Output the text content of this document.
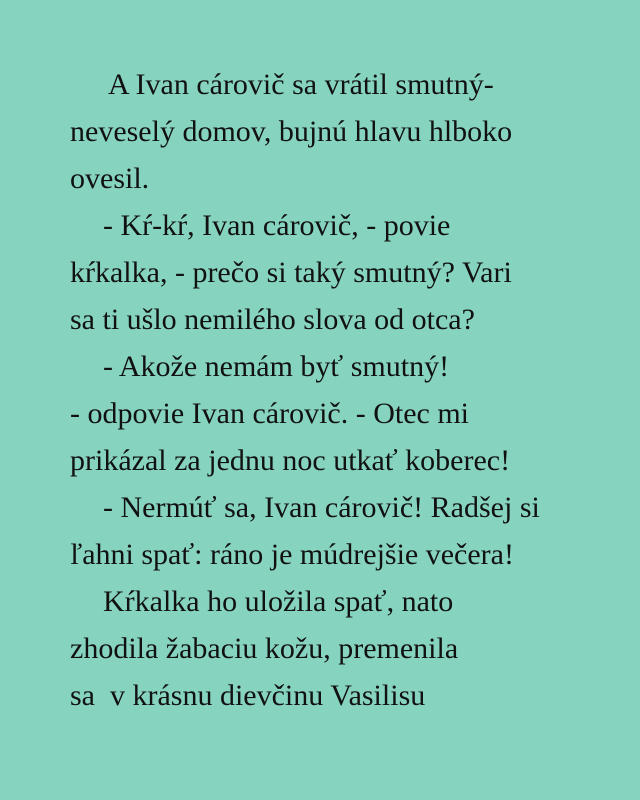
A Ivan cárovič sa vrátil smutný-
neveselý domov, bujnú hlavu hlboko
ovesil.
- Kŕ-kŕ, Ivan cárovič, - povie
kŕkalka, - prečo si taký smutný? Vari
sa ti ušlo nemilého slova od otca?
- Akože nemám byť smutný!
- odpovie Ivan cárovič. - Otec mi
prikázal za jednu noc utkať koberec!
- Nermúť sa, Ivan cárovič! Radšej si
ľahni spať: ráno je múdrejšie večera!
Kŕkalka ho uložila spať, nato
zhodila žabaciu kožu, premenila
sa  v krásnu dievčinu Vasilisu
